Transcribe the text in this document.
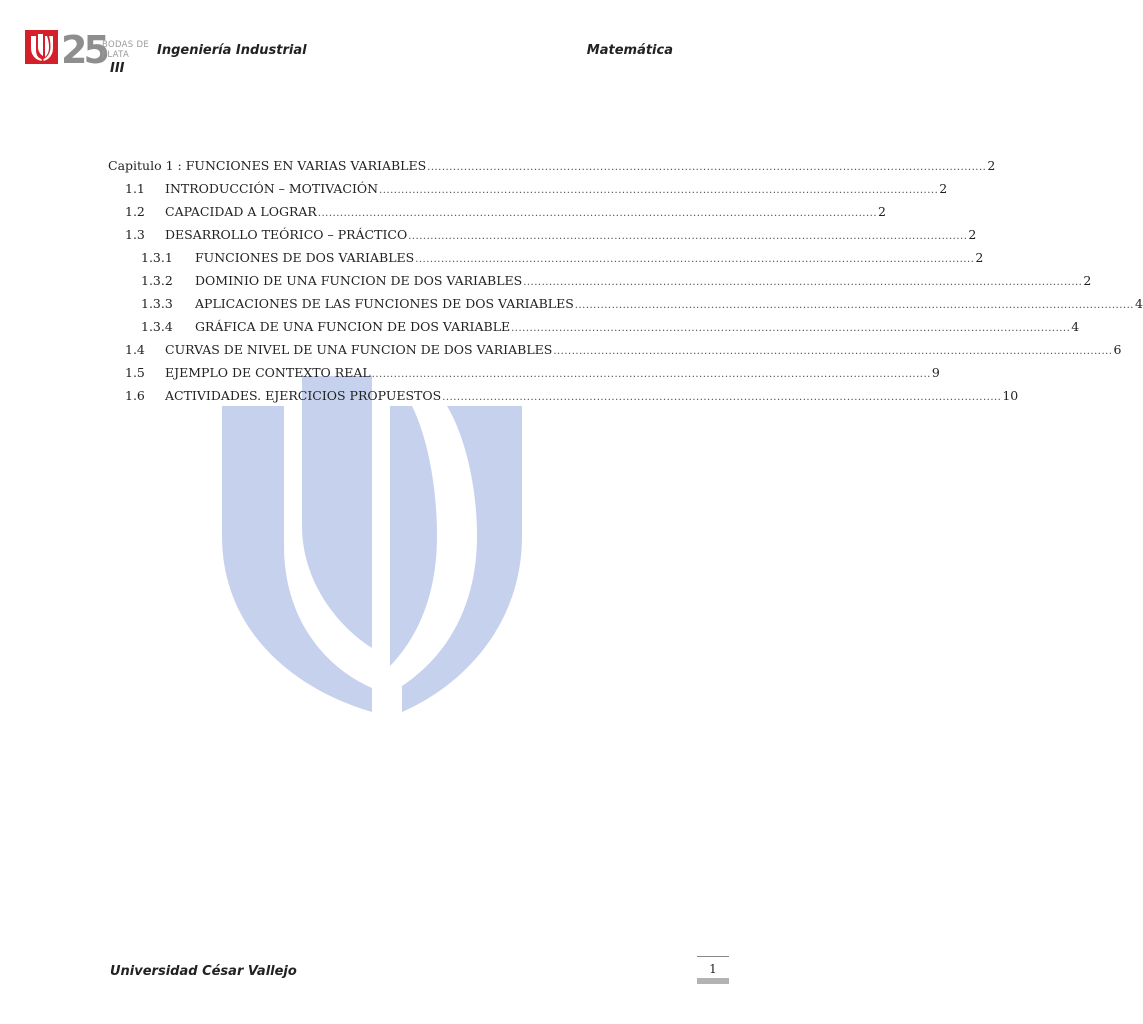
25
BODAS DE PLATA	Ingeniería Industrial
III
Matemática
Capitulo 1 : FUNCIONES EN VARIAS VARIABLES ........................................................................................................................................................ 2
1.1	INTRODUCCIÓN – MOTIVACIÓN ........................................................................................................................................................ 2
1.2	CAPACIDAD A LOGRAR ........................................................................................................................................................ 2
1.3	DESARROLLO TEÓRICO – PRÁCTICO ........................................................................................................................................................ 2
1.3.1	FUNCIONES DE DOS VARIABLES ........................................................................................................................................................ 2
1.3.2	DOMINIO DE UNA FUNCION DE DOS VARIABLES ........................................................................................................................................................ 2
1.3.3	APLICACIONES DE LAS FUNCIONES DE DOS VARIABLES ........................................................................................................................................................ 4
1.3.4	GRÁFICA DE UNA FUNCION DE DOS VARIABLE ........................................................................................................................................................ 4
1.4	CURVAS DE NIVEL DE UNA FUNCION DE DOS VARIABLES ........................................................................................................................................................ 6
1.5	EJEMPLO DE CONTEXTO REAL ........................................................................................................................................................ 9
1.6	ACTIVIDADES. EJERCICIOS PROPUESTOS ........................................................................................................................................................ 10
Universidad César Vallejo	1
